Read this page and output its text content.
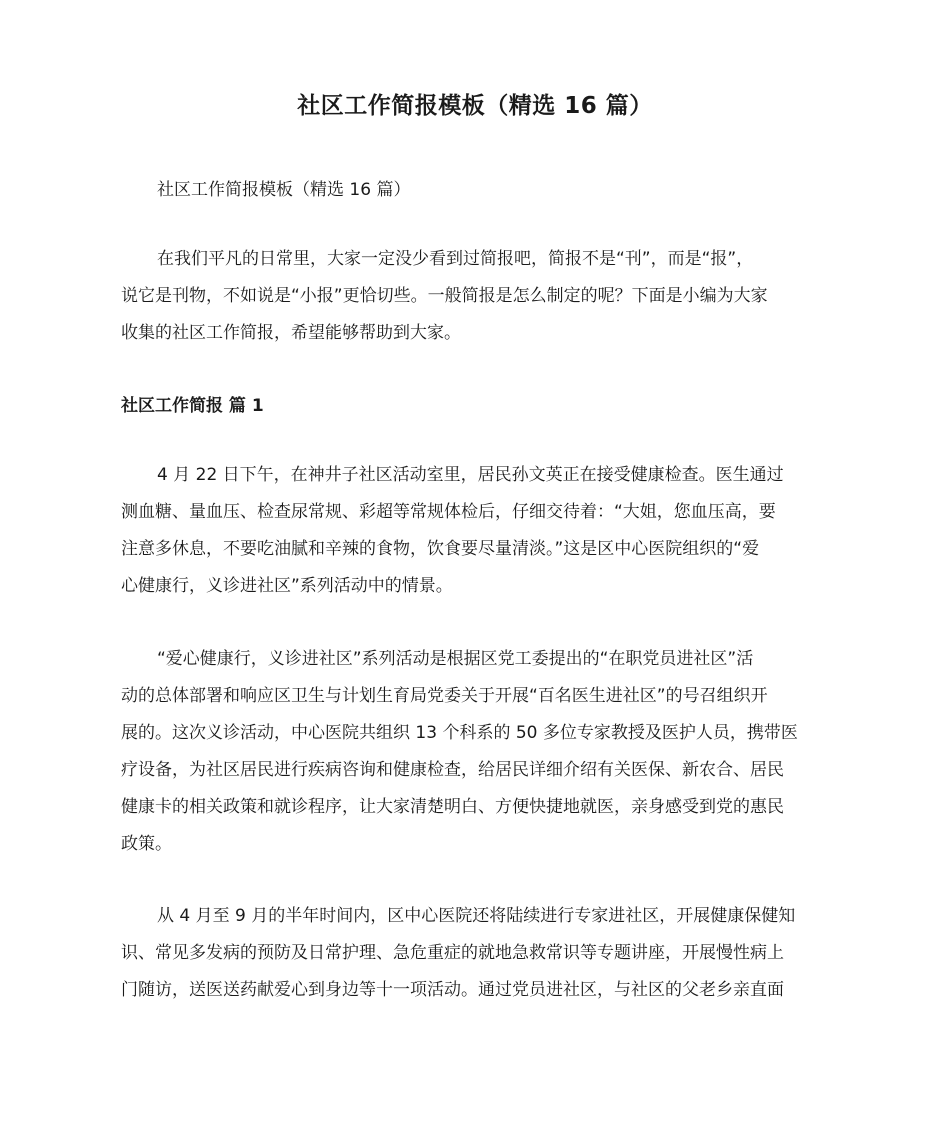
社区工作简报模板（精选 16 篇）
社区工作简报模板（精选 16 篇）
在我们平凡的日常里，大家一定没少看到过简报吧，简报不是“刊”，而是“报”，
说它是刊物，不如说是“小报”更恰切些。一般简报是怎么制定的呢？下面是小编为大家
收集的社区工作简报，希望能够帮助到大家。
社区工作简报 篇 1
4 月 22 日下午，在神井子社区活动室里，居民孙文英正在接受健康检查。医生通过
测血糖、量血压、检查尿常规、彩超等常规体检后，仔细交待着：“大姐，您血压高，要
注意多休息，不要吃油腻和辛辣的食物，饮食要尽量清淡。”这是区中心医院组织的“爱
心健康行，义诊进社区”系列活动中的情景。
“爱心健康行，义诊进社区”系列活动是根据区党工委提出的“在职党员进社区”活
动的总体部署和响应区卫生与计划生育局党委关于开展“百名医生进社区”的号召组织开
展的。这次义诊活动，中心医院共组织 13 个科系的 50 多位专家教授及医护人员，携带医
疗设备，为社区居民进行疾病咨询和健康检查，给居民详细介绍有关医保、新农合、居民
健康卡的相关政策和就诊程序，让大家清楚明白、方便快捷地就医，亲身感受到党的惠民
政策。
从 4 月至 9 月的半年时间内，区中心医院还将陆续进行专家进社区，开展健康保健知
识、常见多发病的预防及日常护理、急危重症的就地急救常识等专题讲座，开展慢性病上
门随访，送医送药献爱心到身边等十一项活动。通过党员进社区，与社区的父老乡亲直面
